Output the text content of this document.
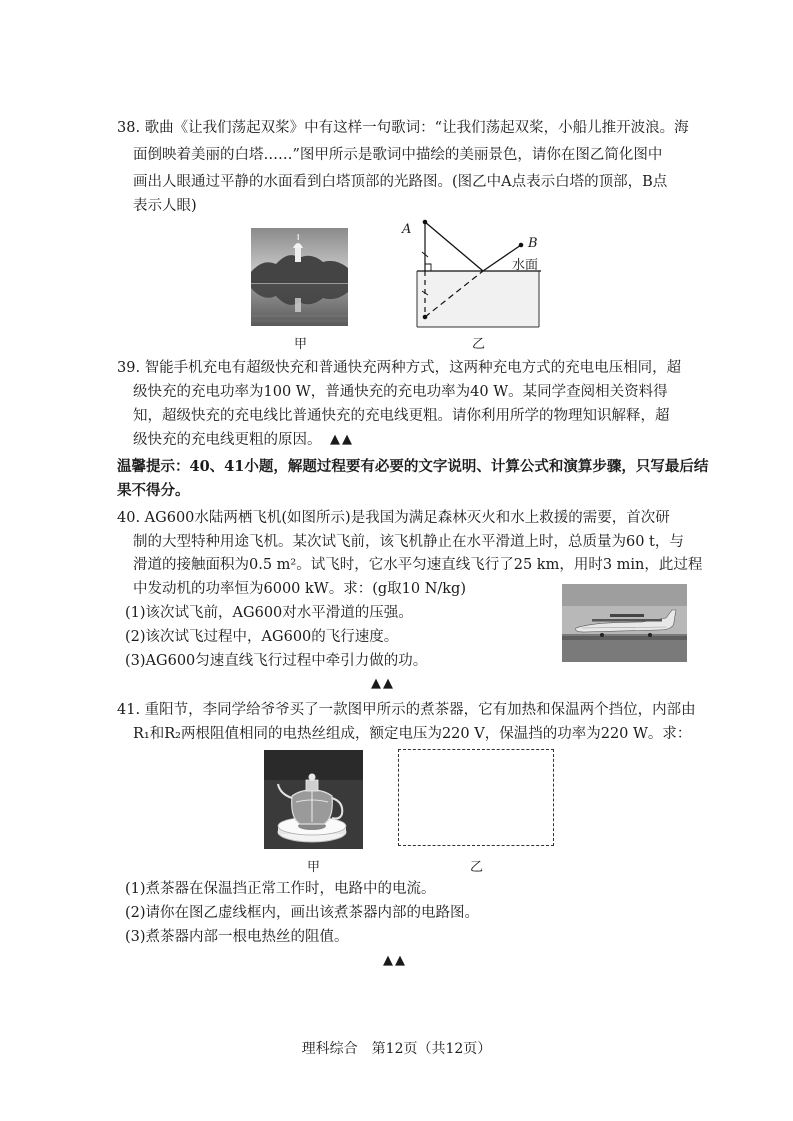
38. 歌曲《让我们荡起双桨》中有这样一句歌词：“让我们荡起双桨，小船儿推开波浪。海
面倒映着美丽的白塔……”图甲所示是歌词中描绘的美丽景色，请你在图乙简化图中
画出人眼通过平静的水面看到白塔顶部的光路图。(图乙中A点表示白塔的顶部，B点
表示人眼)
甲
A
B
水面
乙
39. 智能手机充电有超级快充和普通快充两种方式，这两种充电方式的充电电压相同，超
级快充的充电功率为100 W，普通快充的充电功率为40 W。某同学查阅相关资料得
知，超级快充的充电线比普通快充的充电线更粗。请你利用所学的物理知识解释，超
级快充的充电线更粗的原因。 ▲▲
温馨提示：40、41小题，解题过程要有必要的文字说明、计算公式和演算步骤，只写最后结
果不得分。
40. AG600水陆两栖飞机(如图所示)是我国为满足森林灭火和水上救援的需要，首次研
制的大型特种用途飞机。某次试飞前，该飞机静止在水平滑道上时，总质量为60 t，与
滑道的接触面积为0.5 m²。试飞时，它水平匀速直线飞行了25 km，用时3 min，此过程
中发动机的功率恒为6000 kW。求：(g取10 N/kg)
(1)该次试飞前，AG600对水平滑道的压强。
(2)该次试飞过程中，AG600的飞行速度。
(3)AG600匀速直线飞行过程中牵引力做的功。
▲▲
41. 重阳节，李同学给爷爷买了一款图甲所示的煮茶器，它有加热和保温两个挡位，内部由
R₁和R₂两根阻值相同的电热丝组成，额定电压为220 V，保温挡的功率为220 W。求：
甲	乙
(1)煮茶器在保温挡正常工作时，电路中的电流。
(2)请你在图乙虚线框内，画出该煮茶器内部的电路图。
(3)煮茶器内部一根电热丝的阻值。
▲▲
理科综合　第12页（共12页）
